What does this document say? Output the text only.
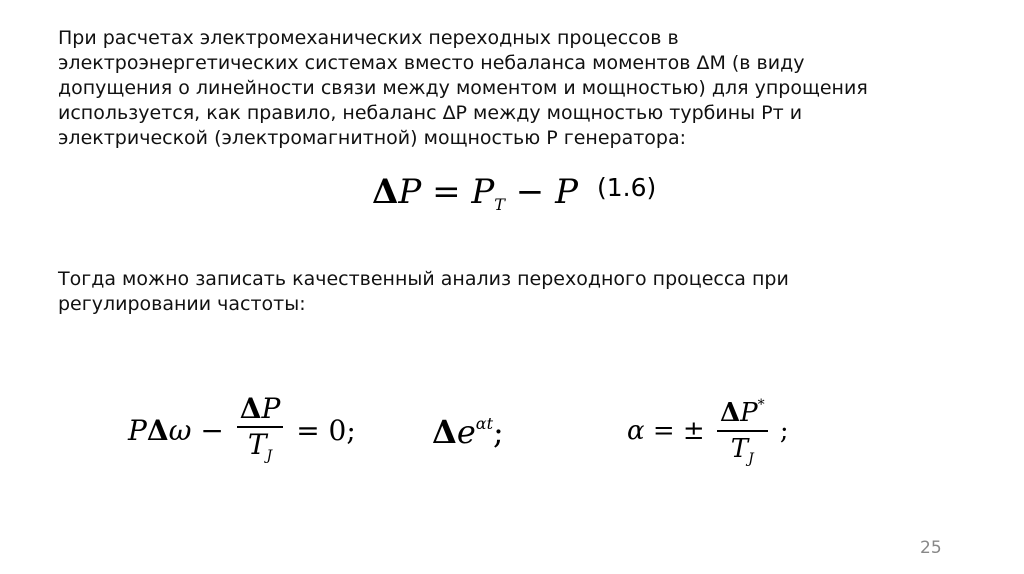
При расчетах электромеханических переходных процессов в
электроэнергетических системах вместо небаланса моментов ΔМ (в виду
допущения о линейности связи между моментом и мощностью) для упрощения
используется, как правило, небаланс ΔР между мощностью турбины Рт и
электрической (электромагнитной) мощностью Р генератора:
$\Delta P = P_T - P$ (1.6)
Тогда можно записать качественный анализ переходного процесса при
регулировании частоты:
$P\Delta\omega - \frac{\Delta P}{T_J} = 0$; $\Delta e^{\alpha t}$;	α = ± $\frac{\Delta P^*}{T_J}$ ;
25
